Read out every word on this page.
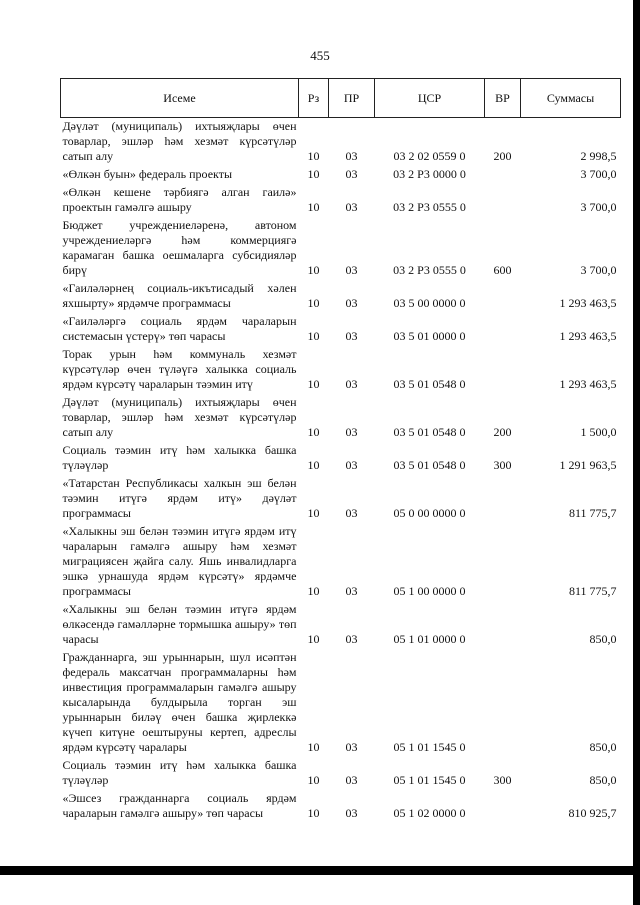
455
Исеме	Рз	ПР	ЦСР	ВР	Суммасы
Дәүләт (муниципаль) ихтыяҗлары өчен товарлар, эшләр һәм хезмәт күрсәтүләр сатып алу	10	03	03 2 02 0559 0	200	2 998,5
«Өлкән буын» федераль проекты	10	03	03 2 P3 0000 0		3 700,0
«Өлкән кешене тәрбиягә алган гаилә» проектын гамәлгә ашыру	10	03	03 2 P3 0555 0		3 700,0
Бюджет учреждениеләренә, автоном учреждениеләргә һәм коммерциягә карамаган башка оешмаларга субсидияләр бирү	10	03	03 2 P3 0555 0	600	3 700,0
«Гаиләләрнең социаль-икътисадый хәлен яхшырту» ярдәмче программасы	10	03	03 5 00 0000 0		1 293 463,5
«Гаиләләргә социаль ярдәм чараларын системасын үстерү» төп чарасы	10	03	03 5 01 0000 0		1 293 463,5
Торак урын һәм коммуналь хезмәт күрсәтүләр өчен түләүгә халыкка социаль ярдәм күрсәтү чараларын тәэмин итү	10	03	03 5 01 0548 0		1 293 463,5
Дәүләт (муниципаль) ихтыяҗлары өчен товарлар, эшләр һәм хезмәт күрсәтүләр сатып алу	10	03	03 5 01 0548 0	200	1 500,0
Социаль тәэмин итү һәм халыкка башка түләүләр	10	03	03 5 01 0548 0	300	1 291 963,5
«Татарстан Республикасы халкын эш белән тәэмин итүгә ярдәм итү» дәүләт программасы	10	03	05 0 00 0000 0		811 775,7
«Халыкны эш белән тәэмин итүгә ярдәм итү чараларын гамәлгә ашыру һәм хезмәт миграциясен җайга салу. Яшь инвалидларга эшкә урнашуда ярдәм күрсәтү» ярдәмче программасы	10	03	05 1 00 0000 0		811 775,7
«Халыкны эш белән тәэмин итүгә ярдәм өлкәсендә гамәлләрне тормышка ашыру» төп чарасы	10	03	05 1 01 0000 0		850,0
Гражданнарга, эш урыннарын, шул исәптән федераль максатчан программаларны һәм инвестиция программаларын гамәлгә ашыру кысаларында булдырыла торган эш урыннарын биләү өчен башка җирлеккә күчеп китүне оештыруны кертеп, адреслы ярдәм күрсәтү чаралары	10	03	05 1 01 1545 0		850,0
Социаль тәэмин итү һәм халыкка башка түләүләр	10	03	05 1 01 1545 0	300	850,0
«Эшсез гражданнарга социаль ярдәм чараларын гамәлгә ашыру» төп чарасы	10	03	05 1 02 0000 0		810 925,7
